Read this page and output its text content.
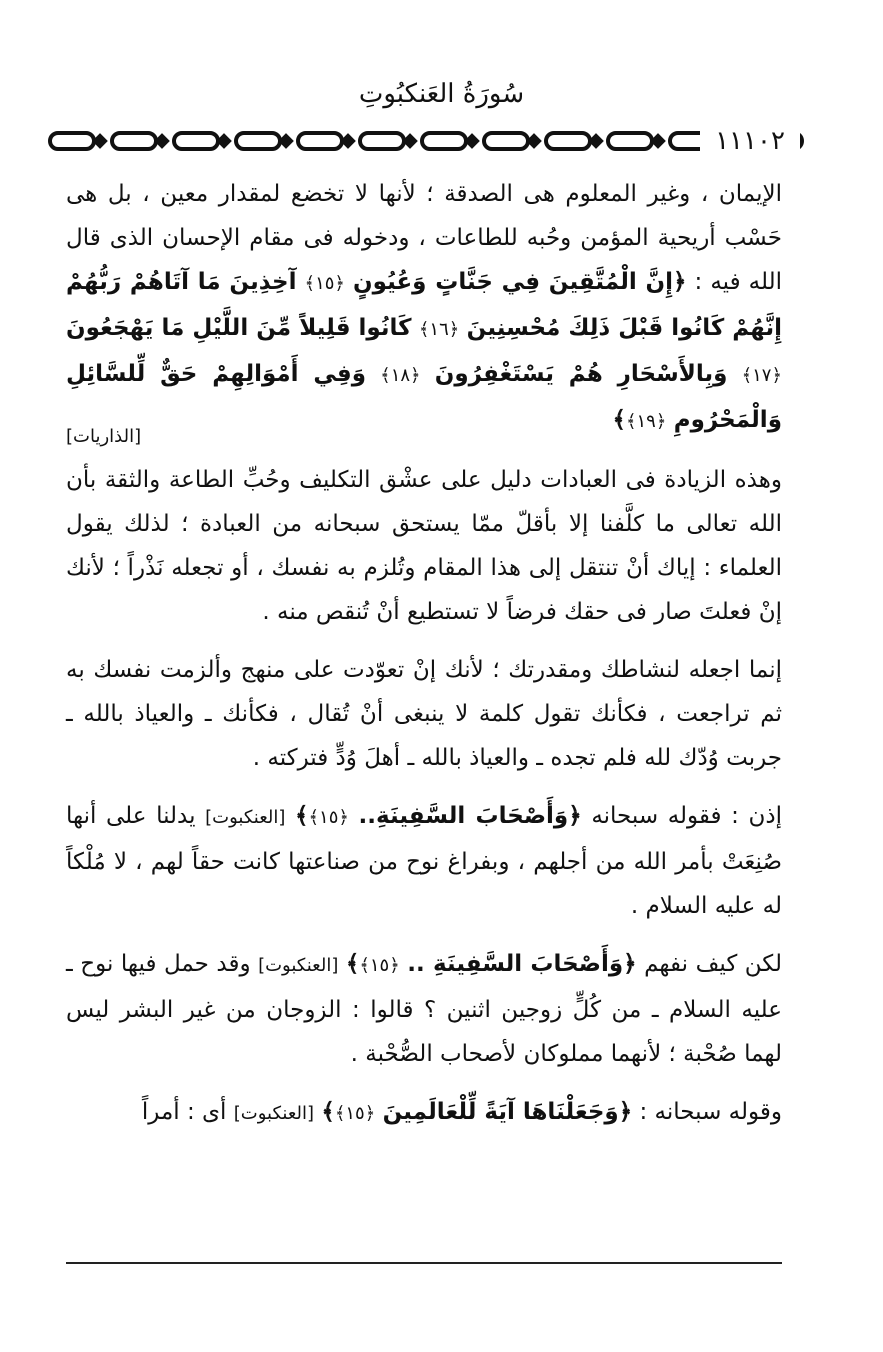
سُورَةُ العَنكبُوتِ
١١١٠٢

الإيمان ، وغير المعلوم هى الصدقة ؛ لأنها لا تخضع لمقدار معين ، بل هى حَسْب أريحية المؤمن وحُبه للطاعات ، ودخوله فى مقام الإحسان الذى قال الله فيه : ﴿إِنَّ الْمُتَّقِينَ فِي جَنَّاتٍ وَعُيُونٍ ﴿١٥﴾ آخِذِينَ مَا آتَاهُمْ رَبُّهُمْ إِنَّهُمْ كَانُوا قَبْلَ ذَلِكَ مُحْسِنِينَ ﴿١٦﴾ كَانُوا قَلِيلاً مِّنَ اللَّيْلِ مَا يَهْجَعُونَ ﴿١٧﴾ وَبِالأَسْحَارِ هُمْ يَسْتَغْفِرُونَ ﴿١٨﴾ وَفِي أَمْوَالِهِمْ حَقٌّ لِّلسَّائِلِ وَالْمَحْرُومِ ﴿١٩﴾﴾

[الذاريات]

وهذه الزيادة فى العبادات دليل على عشْق التكليف وحُبِّ الطاعة والثقة بأن الله تعالى ما كلَّفنا إلا بأقلّ ممّا يستحق سبحانه من العبادة ؛ لذلك يقول العلماء : إياك أنْ تنتقل إلى هذا المقام وتُلزم به نفسك ، أو تجعله نَذْراً ؛ لأنك إنْ فعلتَ صار فى حقك فرضاً لا تستطيع أنْ تُنقص منه .

إنما اجعله لنشاطك ومقدرتك ؛ لأنك إنْ تعوّدت على منهج وألزمت نفسك به ثم تراجعت ، فكأنك تقول كلمة لا ينبغى أنْ تُقال ، فكأنك ـ والعياذ بالله ـ جربت وُدّك لله فلم تجده ـ والعياذ بالله ـ أهلَ وُدٍّ فتركته .

إذن : فقوله سبحانه ﴿وَأَصْحَابَ السَّفِينَةِ.. ﴿١٥﴾﴾ [العنكبوت] يدلنا على أنها صُنِعَتْ بأمر الله من أجلهم ، وبفراغ نوح من صناعتها كانت حقاً لهم ، لا مُلْكاً له عليه السلام .

لكن كيف نفهم ﴿وَأَصْحَابَ السَّفِينَةِ .. ﴿١٥﴾﴾ [العنكبوت] وقد حمل فيها نوح ـ عليه السلام ـ من كُلٍّ زوجين اثنين ؟ قالوا : الزوجان من غير البشر ليس لهما صُحْبة ؛ لأنهما مملوكان لأصحاب الصُّحْبة .

وقوله سبحانه : ﴿وَجَعَلْنَاهَا آيَةً لِّلْعَالَمِينَ ﴿١٥﴾﴾ [العنكبوت] أى : أمراً
